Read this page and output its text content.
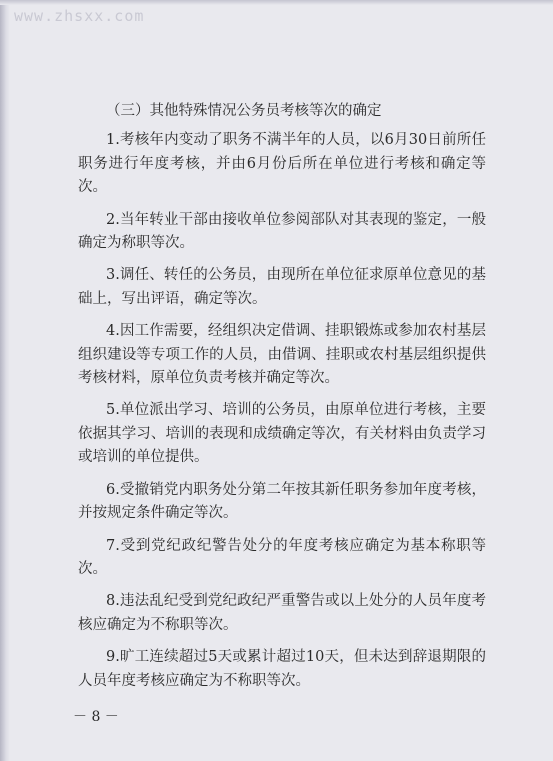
www.zhsxx.com

（三）其他特殊情况公务员考核等次的确定

1.考核年内变动了职务不满半年的人员，以6月30日前所任职务进行年度考核，并由6月份后所在单位进行考核和确定等次。

2.当年转业干部由接收单位参阅部队对其表现的鉴定，一般确定为称职等次。

3.调任、转任的公务员，由现所在单位征求原单位意见的基础上，写出评语，确定等次。

4.因工作需要，经组织决定借调、挂职锻炼或参加农村基层组织建设等专项工作的人员，由借调、挂职或农村基层组织提供考核材料，原单位负责考核并确定等次。

5.单位派出学习、培训的公务员，由原单位进行考核，主要依据其学习、培训的表现和成绩确定等次，有关材料由负责学习或培训的单位提供。

6.受撤销党内职务处分第二年按其新任职务参加年度考核，并按规定条件确定等次。

7.受到党纪政纪警告处分的年度考核应确定为基本称职等次。

8.违法乱纪受到党纪政纪严重警告或以上处分的人员年度考核应确定为不称职等次。

9.旷工连续超过5天或累计超过10天，但未达到辞退期限的人员年度考核应确定为不称职等次。

－ 8 －
